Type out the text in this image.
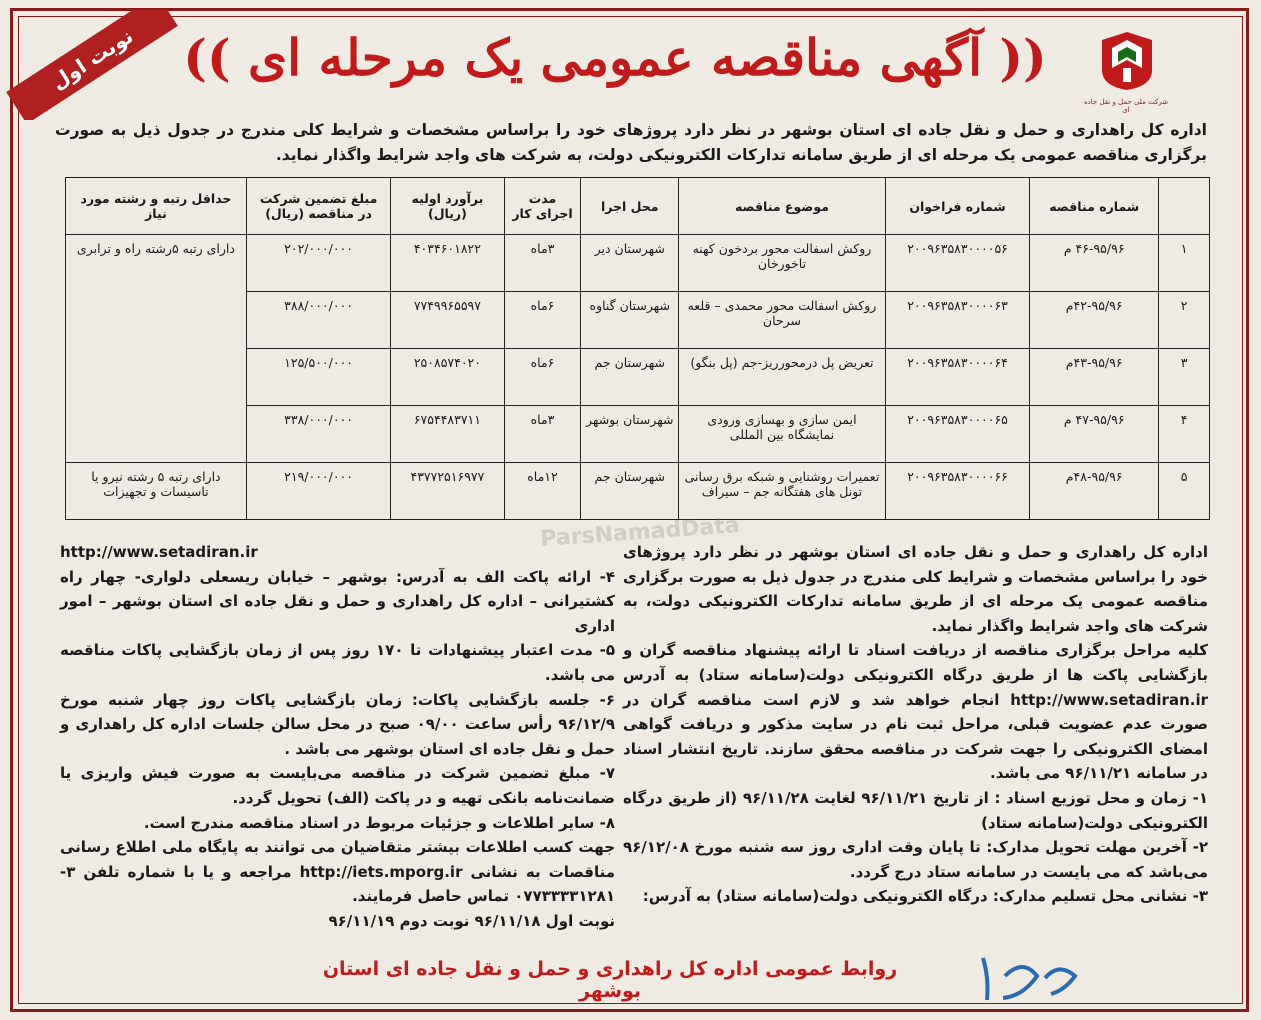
نوبت اول
شرکت ملی حمل و نقل جاده ای
(( آگهی مناقصه عمومی یک مرحله ای ))
اداره کل راهداری و حمل و نقل جاده ای استان بوشهر در نظر دارد پروژهای خود را براساس مشخصات و شرایط کلی مندرج در جدول ذیل به صورت برگزاری مناقصه عمومی یک مرحله ای از طریق سامانه تدارکات الکترونیکی دولت، به شرکت های واجد شرایط واگذار نماید.
	شماره مناقصه	شماره فراخوان	موضوع مناقصه	محل اجرا	مدت اجرای کار	برآورد اولیه (ریال)	مبلغ تضمین شرکت در مناقصه (ریال)	حداقل رتبه و رشته مورد نیاز
۱	۴۶-۹۵/۹۶ م	۲۰۰۹۶۳۵۸۳۰۰۰۰۵۶	روکش اسفالت محور بردخون کهنه تاخورخان	شهرستان دیر	۳ماه	۴۰۳۴۶۰۱۸۲۲	۲۰۲/۰۰۰/۰۰۰	دارای رتبه ۵رشته راه و ترابری
۲	۴۲-۹۵/۹۶م	۲۰۰۹۶۳۵۸۳۰۰۰۰۶۳	روکش اسفالت محور محمدی – قلعه سرحان	شهرستان گناوه	۶ماه	۷۷۴۹۹۶۵۵۹۷	۳۸۸/۰۰۰/۰۰۰	
۳	۴۳-۹۵/۹۶م	۲۰۰۹۶۳۵۸۳۰۰۰۰۶۴	تعریض پل درمحورریز-جم (پل بنگو)	شهرستان جم	۶ماه	۲۵۰۸۵۷۴۰۲۰	۱۲۵/۵۰۰/۰۰۰	
۴	۴۷-۹۵/۹۶ م	۲۰۰۹۶۳۵۸۳۰۰۰۰۶۵	ایمن سازی و بهسازی ورودی نمایشگاه بین المللی	شهرستان بوشهر	۳ماه	۶۷۵۴۴۸۳۷۱۱	۳۳۸/۰۰۰/۰۰۰	
۵	۴۸-۹۵/۹۶م	۲۰۰۹۶۳۵۸۳۰۰۰۰۶۶	تعمیرات روشنایی و شبکه برق رسانی تونل های هفتگانه جم – سیراف	شهرستان جم	۱۲ماه	۴۳۷۷۲۵۱۶۹۷۷	۲۱۹/۰۰۰/۰۰۰	دارای رتبه ۵ رشته نیرو یا تاسیسات و تجهیزات
ParsNamadData

اداره کل راهداری و حمل و نقل جاده ای استان بوشهر در نظر دارد پروژهای خود را براساس مشخصات و شرایط کلی مندرج در جدول ذیل به صورت برگزاری مناقصه عمومی یک مرحله ای از طریق سامانه تدارکات الکترونیکی دولت، به شرکت های واجد شرایط واگذار نماید.

کلیه مراحل برگزاری مناقصه از دریافت اسناد تا ارائه پیشنهاد مناقصه گران و بازگشایی پاکت ها از طریق درگاه الکترونیکی دولت(سامانه ستاد) به آدرس http://www.setadiran.ir انجام خواهد شد و لازم است مناقصه گران در صورت عدم عضویت قبلی، مراحل ثبت نام در سایت مذکور و دریافت گواهی امضای الکترونیکی را جهت شرکت در مناقصه محقق سازند. تاریخ انتشار اسناد در سامانه ۹۶/۱۱/۲۱ می باشد.

۱- زمان و محل توزیع اسناد : از تاریخ ۹۶/۱۱/۲۱ لغایت ۹۶/۱۱/۲۸ (از طریق درگاه الکترونیکی دولت(سامانه ستاد)

۲- آخرین مهلت تحویل مدارک: تا پایان وقت اداری روز سه شنبه مورخ ۹۶/۱۲/۰۸ می‌باشد که می بایست در سامانه ستاد درج گردد.

۳- نشانی محل تسلیم مدارک: درگاه الکترونیکی دولت(سامانه ستاد) به آدرس:

http://www.setadiran.ir

۴- ارائه پاکت الف به آدرس: بوشهر – خیابان ریسعلی دلواری- چهار راه کشتیرانی – اداره کل راهداری و حمل و نقل جاده ای استان بوشهر – امور اداری

۵- مدت اعتبار پیشنهادات تا ۱۷۰ روز پس از زمان بازگشایی پاکات مناقصه می باشد.

۶- جلسه بازگشایی پاکات: زمان بازگشایی پاکات روز چهار شنبه مورخ ۹۶/۱۲/۹ رأس ساعت ۰۹/۰۰ صبح در محل سالن جلسات اداره کل راهداری و حمل و نقل جاده ای استان بوشهر می باشد .

۷- مبلغ تضمین شرکت در مناقصه می‌بایست به صورت فیش واریزی یا ضمانت‌نامه بانکی تهیه و در پاکت (الف) تحویل گردد.

۸- سایر اطلاعات و جزئیات مربوط در اسناد مناقصه مندرج است.

جهت کسب اطلاعات بیشتر متقاضیان می توانند به پایگاه ملی اطلاع رسانی مناقصات به نشانی http://iets.mporg.ir مراجعه و یا با شماره تلفن ۳- ۰۷۷۳۳۳۳۱۲۸۱ تماس حاصل فرمایند.

نوبت اول ۹۶/۱۱/۱۸ نوبت دوم ۹۶/۱۱/۱۹

روابط عمومی اداره کل راهداری و حمل و نقل جاده ای استان بوشهر
